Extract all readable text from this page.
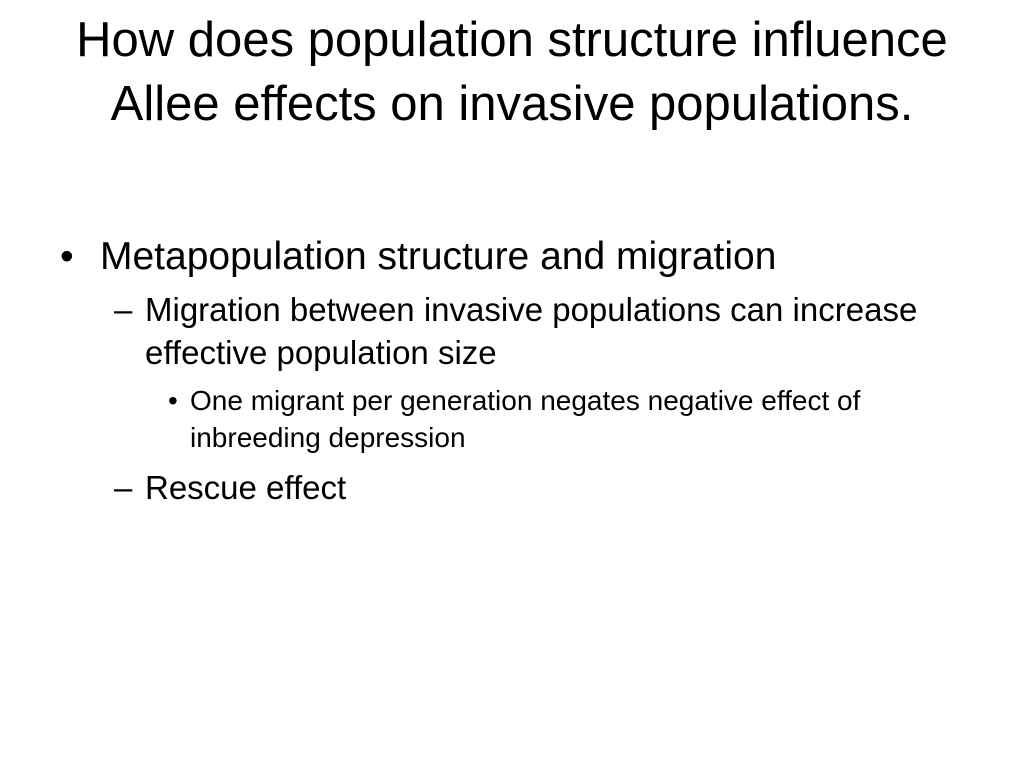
How does population structure influence Allee effects on invasive populations.
• Metapopulation structure and migration
– Migration between invasive populations can increase effective population size
• One migrant per generation negates negative effect of inbreeding depression
– Rescue effect
